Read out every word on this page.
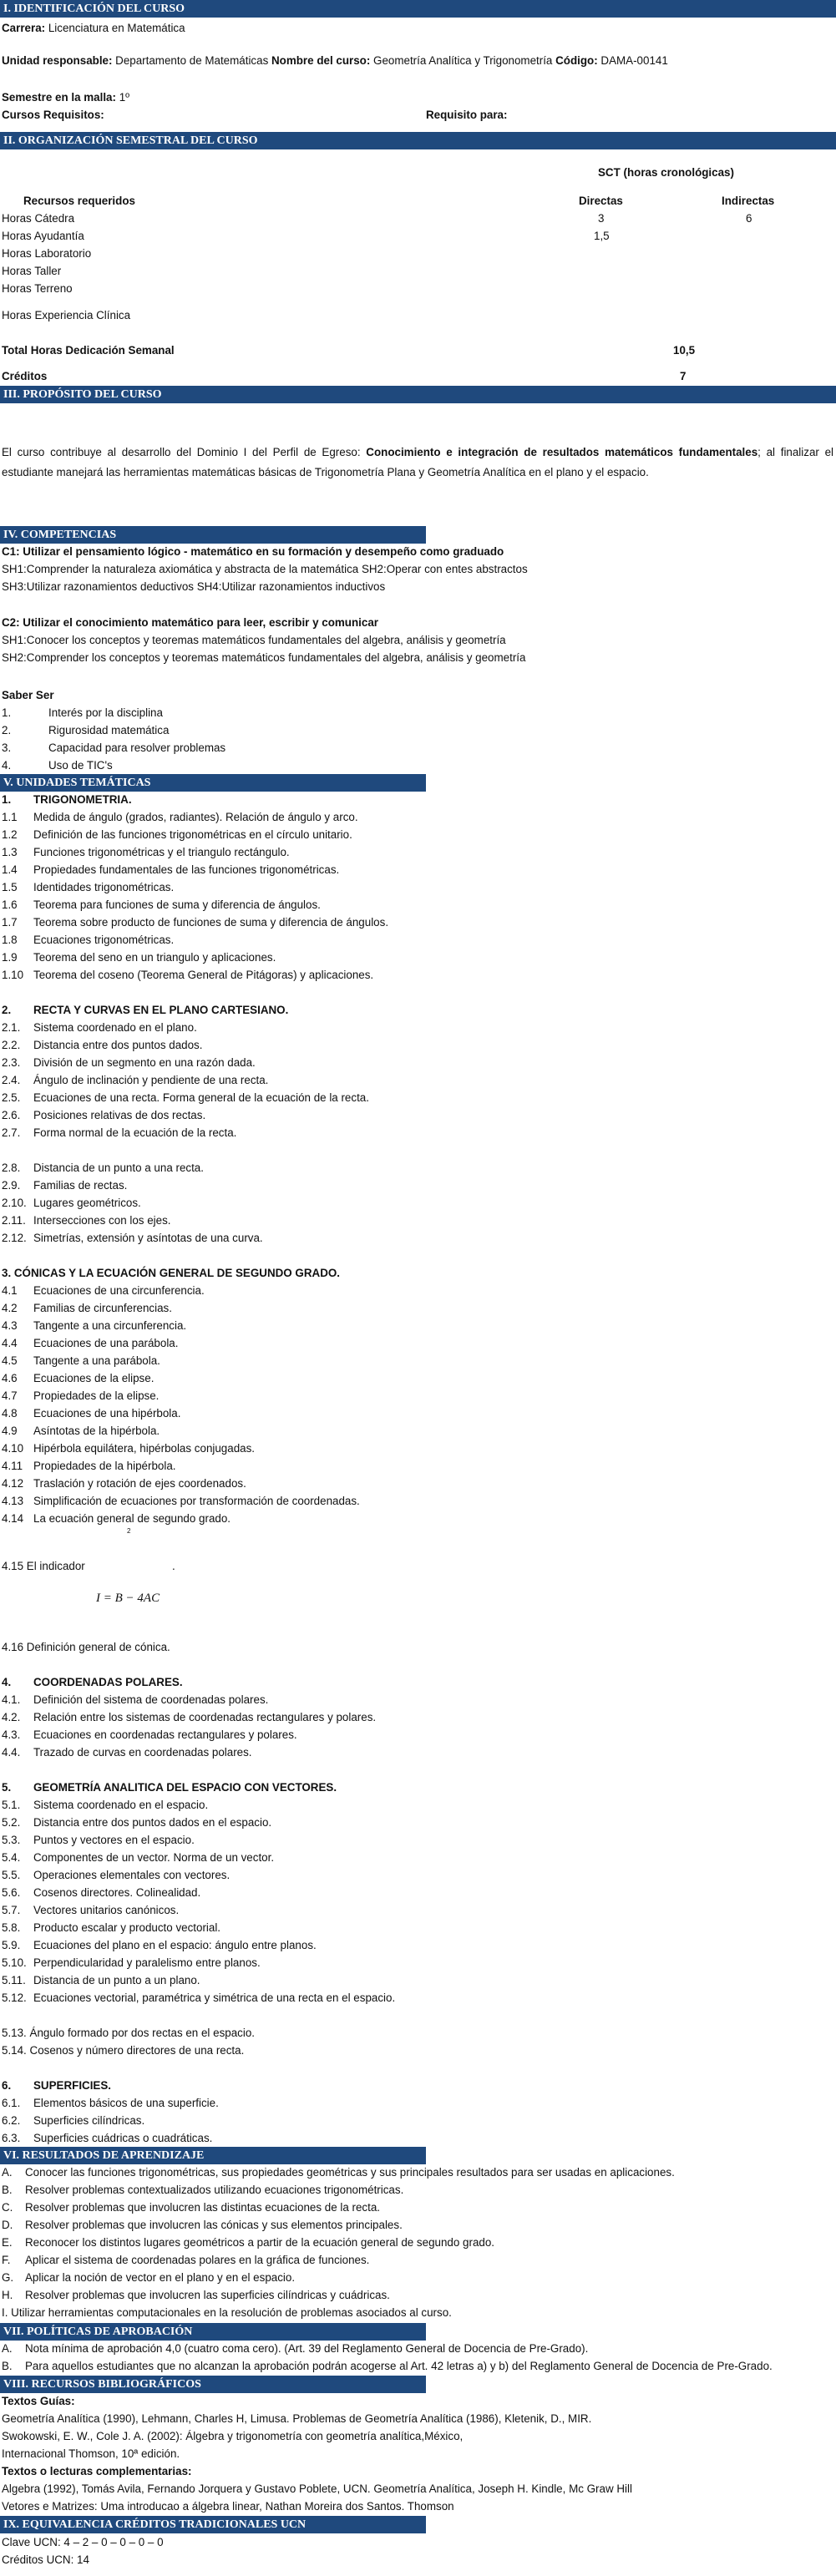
I. IDENTIFICACIÓN DEL CURSO
Carrera: Licenciatura en Matemática
Unidad responsable: Departamento de Matemáticas Nombre del curso: Geometría Analítica y Trigonometría Código: DAMA-00141
Semestre en la malla: 1º
Cursos Requisitos:	Requisito para:
II. ORGANIZACIÓN SEMESTRAL DEL CURSO
SCT (horas cronológicas)
Recursos requeridos	Directas	Indirectas
Horas Cátedra	3	6
Horas Ayudantía	1,5
Horas Laboratorio
Horas Taller
Horas Terreno
Horas Experiencia Clínica
Total Horas Dedicación Semanal	10,5
Créditos	7
III. PROPÓSITO DEL CURSO
El curso contribuye al desarrollo del Dominio I del Perfil de Egreso: Conocimiento e integración de resultados matemáticos fundamentales; al finalizar el estudiante manejará las herramientas matemáticas básicas de Trigonometría Plana y Geometría Analítica en el plano y el espacio.
IV. COMPETENCIAS
C1: Utilizar el pensamiento lógico - matemático en su formación y desempeño como graduado
SH1:Comprender la naturaleza axiomática y abstracta de la matemática SH2:Operar con entes abstractos
SH3:Utilizar razonamientos deductivos SH4:Utilizar razonamientos inductivos
C2: Utilizar el conocimiento matemático para leer, escribir y comunicar
SH1:Conocer los conceptos y teoremas matemáticos fundamentales del algebra, análisis y geometría
SH2:Comprender los conceptos y teoremas matemáticos fundamentales del algebra, análisis y geometría
Saber Ser
1.	Interés por la disciplina
2.	Rigurosidad matemática
3.	Capacidad para resolver problemas
4.	Uso de TIC's
V. UNIDADES TEMÁTICAS
1. TRIGONOMETRIA.
1.1 Medida de ángulo (grados, radiantes). Relación de ángulo y arco.
1.2 Definición de las funciones trigonométricas en el círculo unitario.
1.3 Funciones trigonométricas y el triangulo rectángulo.
1.4 Propiedades fundamentales de las funciones trigonométricas.
1.5 Identidades trigonométricas.
1.6 Teorema para funciones de suma y diferencia de ángulos.
1.7 Teorema sobre producto de funciones de suma y diferencia de ángulos.
1.8 Ecuaciones trigonométricas.
1.9 Teorema del seno en un triangulo y aplicaciones.
1.10 Teorema del coseno (Teorema General de Pitágoras) y aplicaciones.
2. RECTA Y CURVAS EN EL PLANO CARTESIANO.
2.1. Sistema coordenado en el plano.
2.2. Distancia entre dos puntos dados.
2.3. División de un segmento en una razón dada.
2.4. Ángulo de inclinación y pendiente de una recta.
2.5. Ecuaciones de una recta. Forma general de la ecuación de la recta.
2.6. Posiciones relativas de dos rectas.
2.7. Forma normal de la ecuación de la recta.
2.8. Distancia de un punto a una recta.
2.9. Familias de rectas.
2.10. Lugares geométricos.
2.11. Intersecciones con los ejes.
2.12. Simetrías, extensión y asíntotas de una curva.
3. CÓNICAS Y LA ECUACIÓN GENERAL DE SEGUNDO GRADO.
4.1 Ecuaciones de una circunferencia.
4.2 Familias de circunferencias.
4.3 Tangente a una circunferencia.
4.4 Ecuaciones de una parábola.
4.5 Tangente a una parábola.
4.6 Ecuaciones de la elipse.
4.7 Propiedades de la elipse.
4.8 Ecuaciones de una hipérbola.
4.9 Asíntotas de la hipérbola.
4.10 Hipérbola equilátera, hipérbolas conjugadas.
4.11 Propiedades de la hipérbola.
4.12 Traslación y rotación de ejes coordenados.
4.13 Simplificación de ecuaciones por transformación de coordenadas.
4.14 La ecuación general de segundo grado.
2
4.15 El indicador	.
I = B − 4AC
4.16 Definición general de cónica.
4. COORDENADAS POLARES.
4.1. Definición del sistema de coordenadas polares.
4.2. Relación entre los sistemas de coordenadas rectangulares y polares.
4.3. Ecuaciones en coordenadas rectangulares y polares.
4.4. Trazado de curvas en coordenadas polares.
5. GEOMETRÍA ANALITICA DEL ESPACIO CON VECTORES.
5.1. Sistema coordenado en el espacio.
5.2. Distancia entre dos puntos dados en el espacio.
5.3. Puntos y vectores en el espacio.
5.4. Componentes de un vector. Norma de un vector.
5.5. Operaciones elementales con vectores.
5.6. Cosenos directores. Colinealidad.
5.7. Vectores unitarios canónicos.
5.8. Producto escalar y producto vectorial.
5.9. Ecuaciones del plano en el espacio: ángulo entre planos.
5.10. Perpendicularidad y paralelismo entre planos.
5.11. Distancia de un punto a un plano.
5.12. Ecuaciones vectorial, paramétrica y simétrica de una recta en el espacio.
5.13. Ángulo formado por dos rectas en el espacio.
5.14. Cosenos y número directores de una recta.
6. SUPERFICIES.
6.1. Elementos básicos de una superficie.
6.2. Superficies cilíndricas.
6.3. Superficies cuádricas o cuadráticas.
VI. RESULTADOS DE APRENDIZAJE
A. Conocer las funciones trigonométricas, sus propiedades geométricas y sus principales resultados para ser usadas en aplicaciones.
B. Resolver problemas contextualizados utilizando ecuaciones trigonométricas.
C. Resolver problemas que involucren las distintas ecuaciones de la recta.
D. Resolver problemas que involucren las cónicas y sus elementos principales.
E. Reconocer los distintos lugares geométricos a partir de la ecuación general de segundo grado.
F. Aplicar el sistema de coordenadas polares en la gráfica de funciones.
G. Aplicar la noción de vector en el plano y en el espacio.
H. Resolver problemas que involucren las superficies cilíndricas y cuádricas.
I. Utilizar herramientas computacionales en la resolución de problemas asociados al curso.
VII. POLÍTICAS DE APROBACIÓN
A. Nota mínima de aprobación 4,0 (cuatro coma cero). (Art. 39 del Reglamento General de Docencia de Pre-Grado).
B. Para aquellos estudiantes que no alcanzan la aprobación podrán acogerse al Art. 42 letras a) y b) del Reglamento General de Docencia de Pre-Grado.
VIII. RECURSOS BIBLIOGRÁFICOS
Textos Guías:
Geometría Analítica (1990), Lehmann, Charles H, Limusa. Problemas de Geometría Analítica (1986), Kletenik, D., MIR.
Swokowski, E. W., Cole J. A. (2002): Álgebra y trigonometría con geometría analítica,México,
Internacional Thomson, 10ª edición.
Textos o lecturas complementarias:
Algebra (1992), Tomás Avila, Fernando Jorquera y Gustavo Poblete, UCN. Geometría Analítica, Joseph H. Kindle, Mc Graw Hill
Vetores e Matrizes: Uma introducao a álgebra linear, Nathan Moreira dos Santos. Thomson
IX. EQUIVALENCIA CRÉDITOS TRADICIONALES UCN
Clave UCN: 4 – 2 – 0 – 0 – 0 – 0
Créditos UCN: 14
